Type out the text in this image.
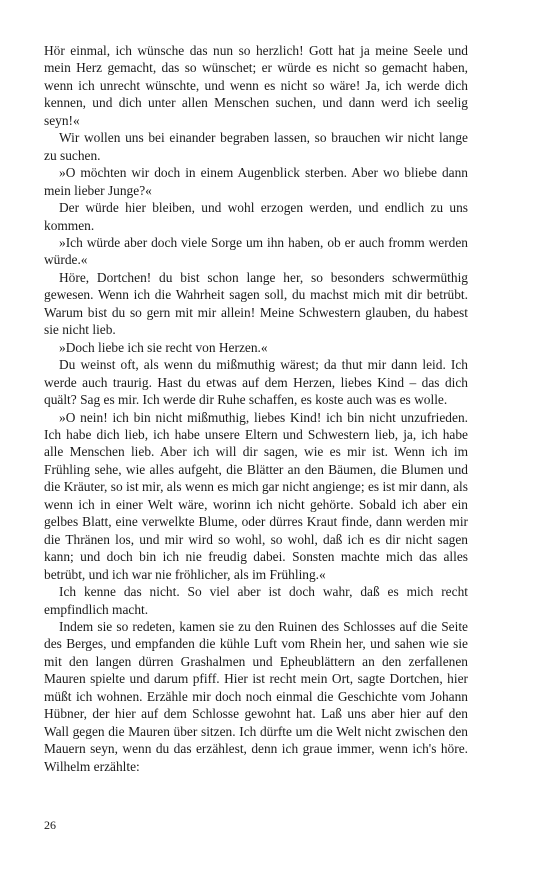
Hör einmal, ich wünsche das nun so herzlich! Gott hat ja meine Seele und mein Herz gemacht, das so wünschet; er würde es nicht so gemacht haben, wenn ich unrecht wünschte, und wenn es nicht so wäre! Ja, ich werde dich kennen, und dich unter allen Menschen suchen, und dann werd ich seelig seyn!«

Wir wollen uns bei einander begraben lassen, so brauchen wir nicht lange zu suchen.

»O möchten wir doch in einem Augenblick sterben. Aber wo bliebe dann mein lieber Junge?«

Der würde hier bleiben, und wohl erzogen werden, und endlich zu uns kommen.

»Ich würde aber doch viele Sorge um ihn haben, ob er auch fromm werden würde.«

Höre, Dortchen! du bist schon lange her, so besonders schwermüthig gewesen. Wenn ich die Wahrheit sagen soll, du machst mich mit dir betrübt. Warum bist du so gern mit mir allein! Meine Schwestern glauben, du habest sie nicht lieb.

»Doch liebe ich sie recht von Herzen.«

Du weinst oft, als wenn du mißmuthig wärest; da thut mir dann leid. Ich werde auch traurig. Hast du etwas auf dem Herzen, liebes Kind – das dich quält? Sag es mir. Ich werde dir Ruhe schaffen, es koste auch was es wolle.

»O nein! ich bin nicht mißmuthig, liebes Kind! ich bin nicht unzufrieden. Ich habe dich lieb, ich habe unsere Eltern und Schwestern lieb, ja, ich habe alle Menschen lieb. Aber ich will dir sagen, wie es mir ist. Wenn ich im Frühling sehe, wie alles aufgeht, die Blätter an den Bäumen, die Blumen und die Kräuter, so ist mir, als wenn es mich gar nicht angienge; es ist mir dann, als wenn ich in einer Welt wäre, worinn ich nicht gehörte. Sobald ich aber ein gelbes Blatt, eine verwelkte Blume, oder dürres Kraut finde, dann werden mir die Thränen los, und mir wird so wohl, so wohl, daß ich es dir nicht sagen kann; und doch bin ich nie freudig dabei. Sonsten machte mich das alles betrübt, und ich war nie fröhlicher, als im Frühling.«

Ich kenne das nicht. So viel aber ist doch wahr, daß es mich recht empfindlich macht.

Indem sie so redeten, kamen sie zu den Ruinen des Schlosses auf die Seite des Berges, und empfanden die kühle Luft vom Rhein her, und sahen wie sie mit den langen dürren Grashalmen und Epheublättern an den zerfallenen Mauren spielte und darum pfiff. Hier ist recht mein Ort, sagte Dortchen, hier müßt ich wohnen. Erzähle mir doch noch einmal die Geschichte vom Johann Hübner, der hier auf dem Schlosse gewohnt hat. Laß uns aber hier auf den Wall gegen die Mauren über sitzen. Ich dürfte um die Welt nicht zwischen den Mauern seyn, wenn du das erzählest, denn ich graue immer, wenn ich's höre. Wilhelm erzählte:

26
